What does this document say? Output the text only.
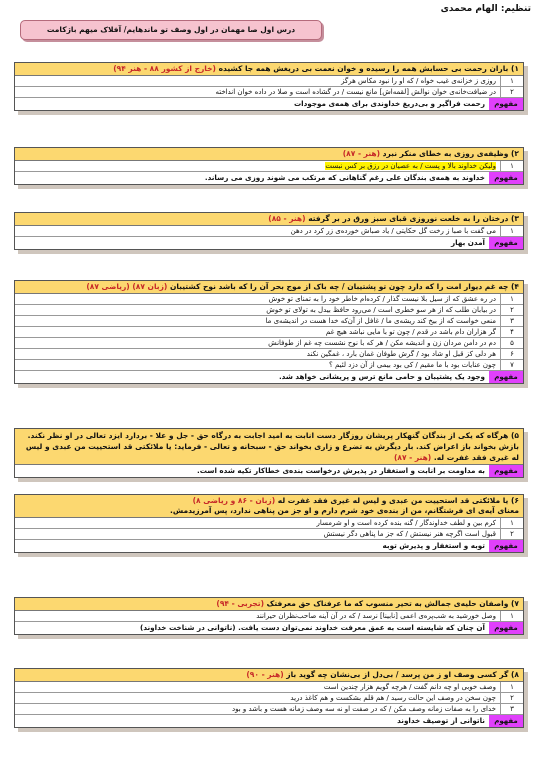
تنظیم: الهام محمدی
درس اول صا مهمان در اول وصف تو ماندهایم/ آفلاک میهم باژکامت
۱) باران رحمت بی حسابش همه را رسیده و خوان نعمت بی دریغش همه جا کشیده (خارج از کشور ۸۸ - هنر ۹۴)
۱
روزی ز خزانه‌ی غیب خواه / که او را نبود مکاس هرگز
۲
در ضیافت‌خانه‌ی خوان نوالش [لقمه‌اش] مانع نیست / در گشاده است و صلا در داده خوان انداخته
مفهوم
رحمت فراگیر و بی‌دریغ خداوندی برای همه‌ی موجودات
۲) وظیفه‌ی روزی به خطای منکر نبرد (هنر - ۸۷)
۱
ولیکن خداوند بالا و پست / به عصیان در رزق بر کس نبست
مفهوم
خداوند به همه‌ی بندگان علی رغم گناهانی که مرتکب می شوند روزی می رساند.
۳) درختان را به خلعت نوروزی قبای سبز ورق در بر گرفته (هنر - ۸۵)
۱
می گفت با صبا ز رخت گل حکایتی / یاد صباش خورده‌ی زر کرد در دهن
مفهوم
آمدن بهار
۴) چه غم دیوار امت را که دارد چون تو پشتیبان / چه باک از موج بحر آن را که باشد نوح کشتیبان (زبان ۸۷) (ریاضی ۸۷)
۱
در ره عشق که از سیل بلا نیست گذار / کرده‌ام خاطر خود را به تمنای تو خوش
۲
در بیابان طلب که از هر سو خطری است / می‌رود حافظ بیدل به تولای تو خوش
۳
منعی خواست که از بیخ کند ریشه‌ی ما / غافل از آن‌که خدا هست در اندیشه‌ی ما
۴
گر هزاران دام باشد در قدم / چون تو با مایی نباشد هیچ غم
۵
دم در دامن مردان زن و اندیشه مکن / هر که با نوح نشست چه غم از طوفانش
۶
هر دلی کز قبل او شاد بود / گرش طوفان غمان بارد ، غمگین نکند
۷
چون عنایات بود با ما مقیم / کی بود بیمی از آن دزد لئیم ؟
مفهوم
وجود یک پشتیبان و حامی مانع ترس و پریشانی خواهد شد.
۵) هرگاه که یکی از بندگان گنهکار پریشان روزگار دست انابت به امید اجابت به درگاه حق - جل و علا - بردارد ایزد تعالی در او نظر نکند. بازش بخواند باز اعراض کند. بار دیگرش به تضرع و زاری بخواند حق - سبحانه و تعالی - فرماید: یا ملائکتی قد استحییت من عبدی و لیس له غیری فقد غفرت له. (هنر - ۸۷)
مفهوم
به مداومت بر انابت و استغفار در پذیرش درخواست بنده‌ی خطاکار تکیه شده است.
۶) یا ملائکتی قد استحییت من عبدی و لیس له غیری فقد غفرت له (زبان - ۸۶ و ریاضی ۸)
معنای آیه‌ی ای فرشتگانم، من از بنده‌ی خود شرم دارم و او جز من پناهی ندارد، پس آمرزیدمش.
۱
کرم بین و لطف خداوندگار / گنه بنده کرده است و او شرمسار
۲
قبول است اگرچه هنر نیستش / که جز ما پناهی دگر نیستش
مفهوم
توبه و استغفار و پذیرش توبه
۷) واصفان حلیه‌ی جمالش به تحیر منسوب که ما عرفناک حق معرفتک (تجربی - ۹۴)
۱
وصل خورشید به شب‌پره‌ی اعمی [نابینا] نرسد / که در آن آینه صاحب‌نظران حیرانند
مفهوم
آن چنان که شایسته است به عمق معرفت خداوند نمی‌توان دست یافت. (ناتوانی در شناخت خداوند)
۸) گر کسی وصف او ز من پرسد / بی‌دل از بی‌نشان چه گوید باز (هنر - ۹۰)
۱
وصف خوبی او چه دانم گفت / هرچه گویم هزار چندین است
۲
چون سخن در وصف این حالت رسید / هم قلم بشکست و هم کاغذ درید
۳
خدای را به صفات زمانه وصف مکن / که در صفت او نه سه وصف زمانه هست و باشد و بود
مفهوم
ناتوانی از توصیف خداوند
